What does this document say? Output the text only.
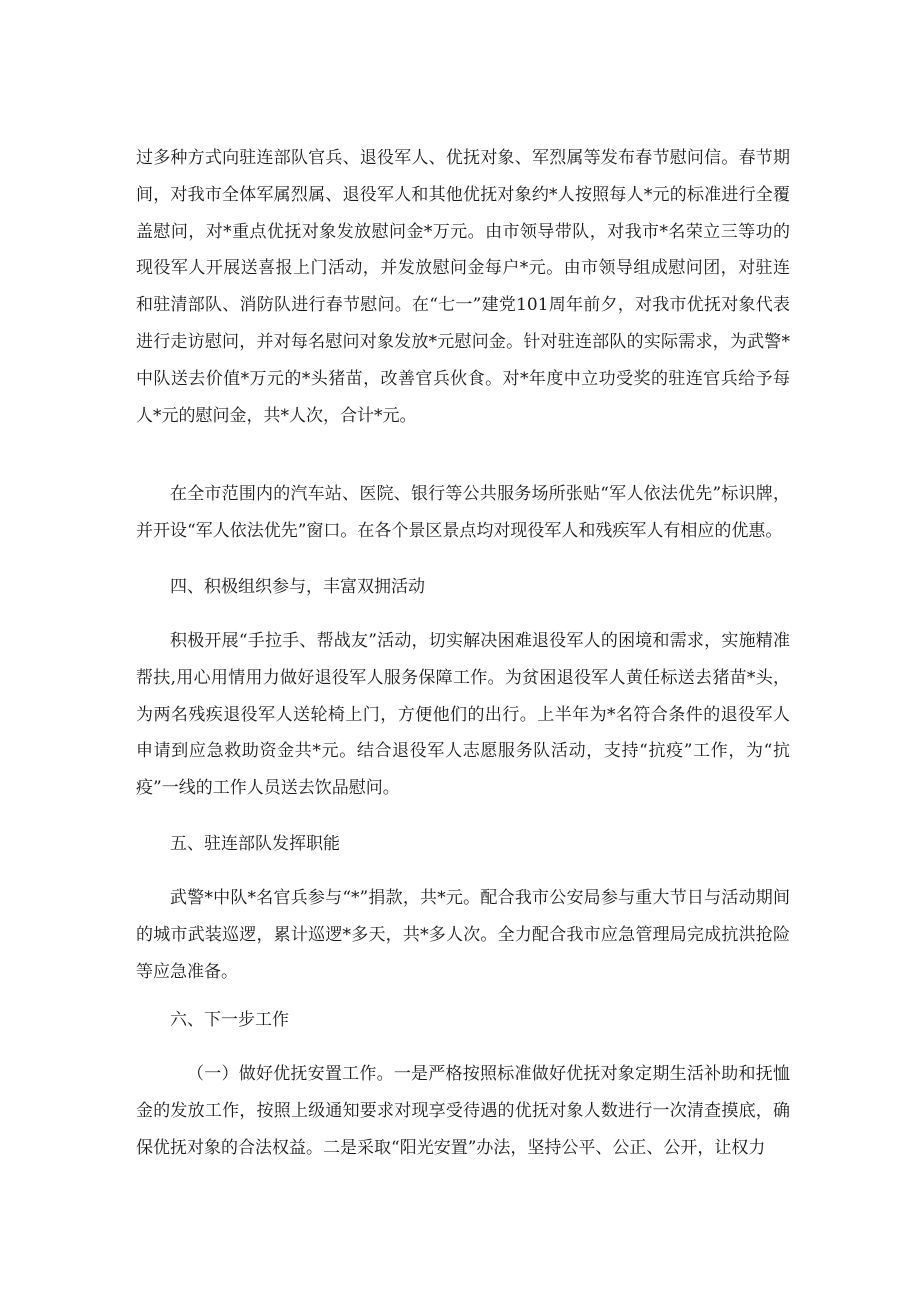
过多种方式向驻连部队官兵、退役军人、优抚对象、军烈属等发布春节慰问信。春节期间，对我市全体军属烈属、退役军人和其他优抚对象约*人按照每人*元的标准进行全覆盖慰问，对*重点优抚对象发放慰问金*万元。由市领导带队，对我市*名荣立三等功的现役军人开展送喜报上门活动，并发放慰问金每户*元。由市领导组成慰问团，对驻连和驻清部队、消防队进行春节慰问。在“七一”建党101周年前夕，对我市优抚对象代表进行走访慰问，并对每名慰问对象发放*元慰问金。针对驻连部队的实际需求，为武警*中队送去价值*万元的*头猪苗，改善官兵伙食。对*年度中立功受奖的驻连官兵给予每人*元的慰问金，共*人次，合计*元。

在全市范围内的汽车站、医院、银行等公共服务场所张贴“军人依法优先”标识牌，并开设“军人依法优先”窗口。在各个景区景点均对现役军人和残疾军人有相应的优惠。

四、积极组织参与，丰富双拥活动

积极开展“手拉手、帮战友”活动，切实解决困难退役军人的困境和需求，实施精准帮扶,用心用情用力做好退役军人服务保障工作。为贫困退役军人黄任标送去猪苗*头，为两名残疾退役军人送轮椅上门，方便他们的出行。上半年为*名符合条件的退役军人申请到应急救助资金共*元。结合退役军人志愿服务队活动，支持“抗疫”工作，为“抗疫”一线的工作人员送去饮品慰问。

五、驻连部队发挥职能

武警*中队*名官兵参与“*”捐款，共*元。配合我市公安局参与重大节日与活动期间的城市武装巡逻，累计巡逻*多天，共*多人次。全力配合我市应急管理局完成抗洪抢险等应急准备。

六、下一步工作

（一）做好优抚安置工作。一是严格按照标准做好优抚对象定期生活补助和抚恤金的发放工作，按照上级通知要求对现享受待遇的优抚对象人数进行一次清查摸底，确保优抚对象的合法权益。二是采取“阳光安置”办法，坚持公平、公正、公开，让权力
